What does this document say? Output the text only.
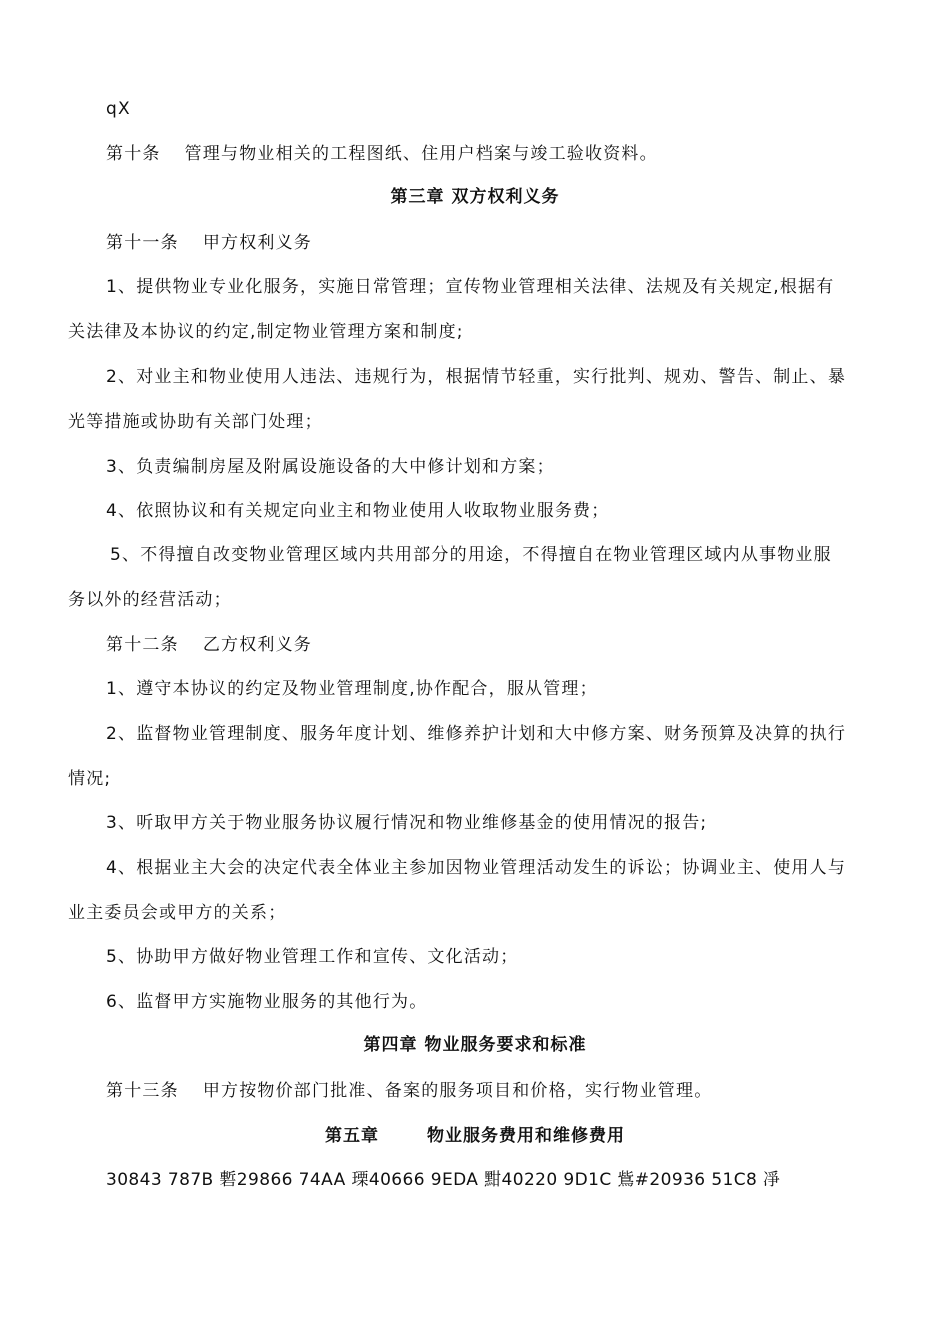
qX
第十条 管理与物业相关的工程图纸、住用户档案与竣工验收资料。
第三章 双方权利义务
第十一条 甲方权利义务
1、提供物业专业化服务，实施日常管理；宣传物业管理相关法律、法规及有关规定,根据有
关法律及本协议的约定,制定物业管理方案和制度;
2、对业主和物业使用人违法、违规行为，根据情节轻重，实行批判、规劝、警告、制止、暴
光等措施或协助有关部门处理；
3、负责编制房屋及附属设施设备的大中修计划和方案；
4、依照协议和有关规定向业主和物业使用人收取物业服务费；
5、不得擅自改变物业管理区域内共用部分的用途，不得擅自在物业管理区域内从事物业服
务以外的经营活动；
第十二条 乙方权利义务
1、遵守本协议的约定及物业管理制度,协作配合，服从管理；
2、监督物业管理制度、服务年度计划、维修养护计划和大中修方案、财务预算及决算的执行
情况;
3、听取甲方关于物业服务协议履行情况和物业维修基金的使用情况的报告;
4、根据业主大会的决定代表全体业主参加因物业管理活动发生的诉讼；协调业主、使用人与
业主委员会或甲方的关系；
5、协助甲方做好物业管理工作和宣传、文化活动；
6、监督甲方实施物业服务的其他行为。
第四章 物业服务要求和标准
第十三条 甲方按物价部门批准、备案的服务项目和价格，实行物业管理。
第五章	物业服务费用和维修费用
30843 787B 磛29866 74AA 瑮40666 9EDA 黚40220 9D1C 鴜#20936 51C8 凈
